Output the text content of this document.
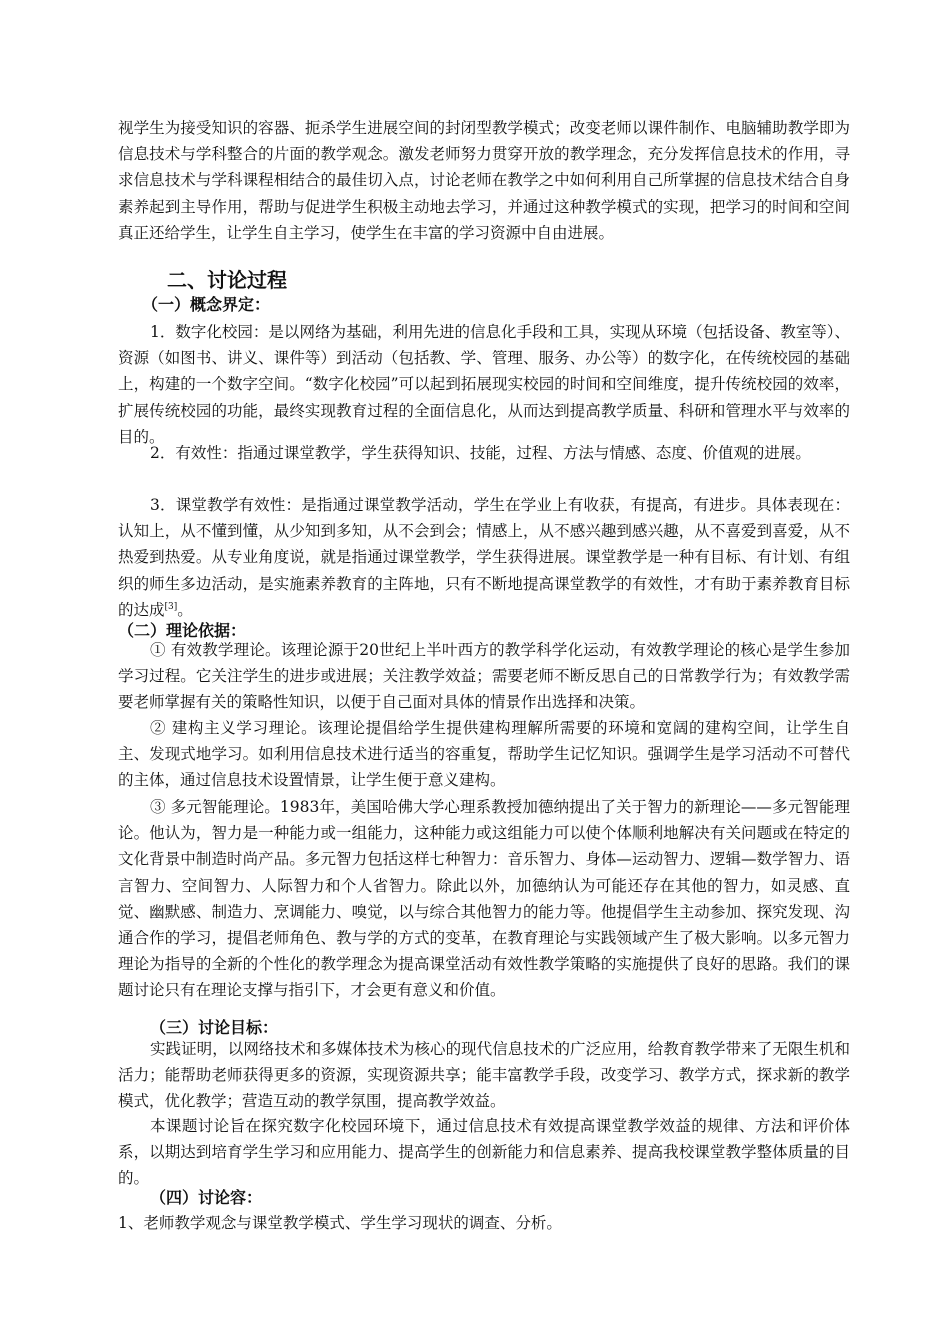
视学生为接受知识的容器、扼杀学生进展空间的封闭型教学模式；改变老师以课件制作、电脑辅助教学即为信息技术与学科整合的片面的教学观念。激发老师努力贯穿开放的教学理念，充分发挥信息技术的作用，寻求信息技术与学科课程相结合的最佳切入点，讨论老师在教学之中如何利用自己所掌握的信息技术结合自身素养起到主导作用，帮助与促进学生积极主动地去学习，并通过这种教学模式的实现，把学习的时间和空间真正还给学生，让学生自主学习，使学生在丰富的学习资源中自由进展。

二、讨论过程
（一）概念界定：

1．数字化校园：是以网络为基础，利用先进的信息化手段和工具，实现从环境（包括设备、教室等）、资源（如图书、讲义、课件等）到活动（包括教、学、管理、服务、办公等）的数字化，在传统校园的基础上，构建的一个数字空间。“数字化校园”可以起到拓展现实校园的时间和空间维度，提升传统校园的效率，扩展传统校园的功能，最终实现教育过程的全面信息化，从而达到提高教学质量、科研和管理水平与效率的目的。

2．有效性：指通过课堂教学，学生获得知识、技能，过程、方法与情感、态度、价值观的进展。

3．课堂教学有效性：是指通过课堂教学活动，学生在学业上有收获，有提高，有进步。具体表现在：认知上，从不懂到懂，从少知到多知，从不会到会；情感上，从不感兴趣到感兴趣，从不喜爱到喜爱，从不热爱到热爱。从专业角度说，就是指通过课堂教学，学生获得进展。课堂教学是一种有目标、有计划、有组织的师生多边活动，是实施素养教育的主阵地，只有不断地提高课堂教学的有效性，才有助于素养教育目标的达成[3]。

（二）理论依据：

① 有效教学理论。该理论源于20世纪上半叶西方的教学科学化运动，有效教学理论的核心是学生参加学习过程。它关注学生的进步或进展；关注教学效益；需要老师不断反思自己的日常教学行为；有效教学需要老师掌握有关的策略性知识，以便于自己面对具体的情景作出选择和决策。

② 建构主义学习理论。该理论提倡给学生提供建构理解所需要的环境和宽阔的建构空间，让学生自主、发现式地学习。如利用信息技术进行适当的容重复，帮助学生记忆知识。强调学生是学习活动不可替代的主体，通过信息技术设置情景，让学生便于意义建构。

③ 多元智能理论。1983年，美国哈佛大学心理系教授加德纳提出了关于智力的新理论——多元智能理论。他认为，智力是一种能力或一组能力，这种能力或这组能力可以使个体顺利地解决有关问题或在特定的文化背景中制造时尚产品。多元智力包括这样七种智力：音乐智力、身体—运动智力、逻辑—数学智力、语言智力、空间智力、人际智力和个人省智力。除此以外，加德纳认为可能还存在其他的智力，如灵感、直觉、幽默感、制造力、烹调能力、嗅觉，以与综合其他智力的能力等。他提倡学生主动参加、探究发现、沟通合作的学习，提倡老师角色、教与学的方式的变革，在教育理论与实践领域产生了极大影响。以多元智力理论为指导的全新的个性化的教学理念为提高课堂活动有效性教学策略的实施提供了良好的思路。我们的课题讨论只有在理论支撑与指引下，才会更有意义和价值。

（三）讨论目标：

实践证明，以网络技术和多媒体技术为核心的现代信息技术的广泛应用，给教育教学带来了无限生机和活力；能帮助老师获得更多的资源，实现资源共享；能丰富教学手段，改变学习、教学方式，探求新的教学模式，优化教学；营造互动的教学氛围，提高教学效益。

本课题讨论旨在探究数字化校园环境下，通过信息技术有效提高课堂教学效益的规律、方法和评价体系，以期达到培育学生学习和应用能力、提高学生的创新能力和信息素养、提高我校课堂教学整体质量的目的。

（四）讨论容：

1、老师教学观念与课堂教学模式、学生学习现状的调查、分析。
